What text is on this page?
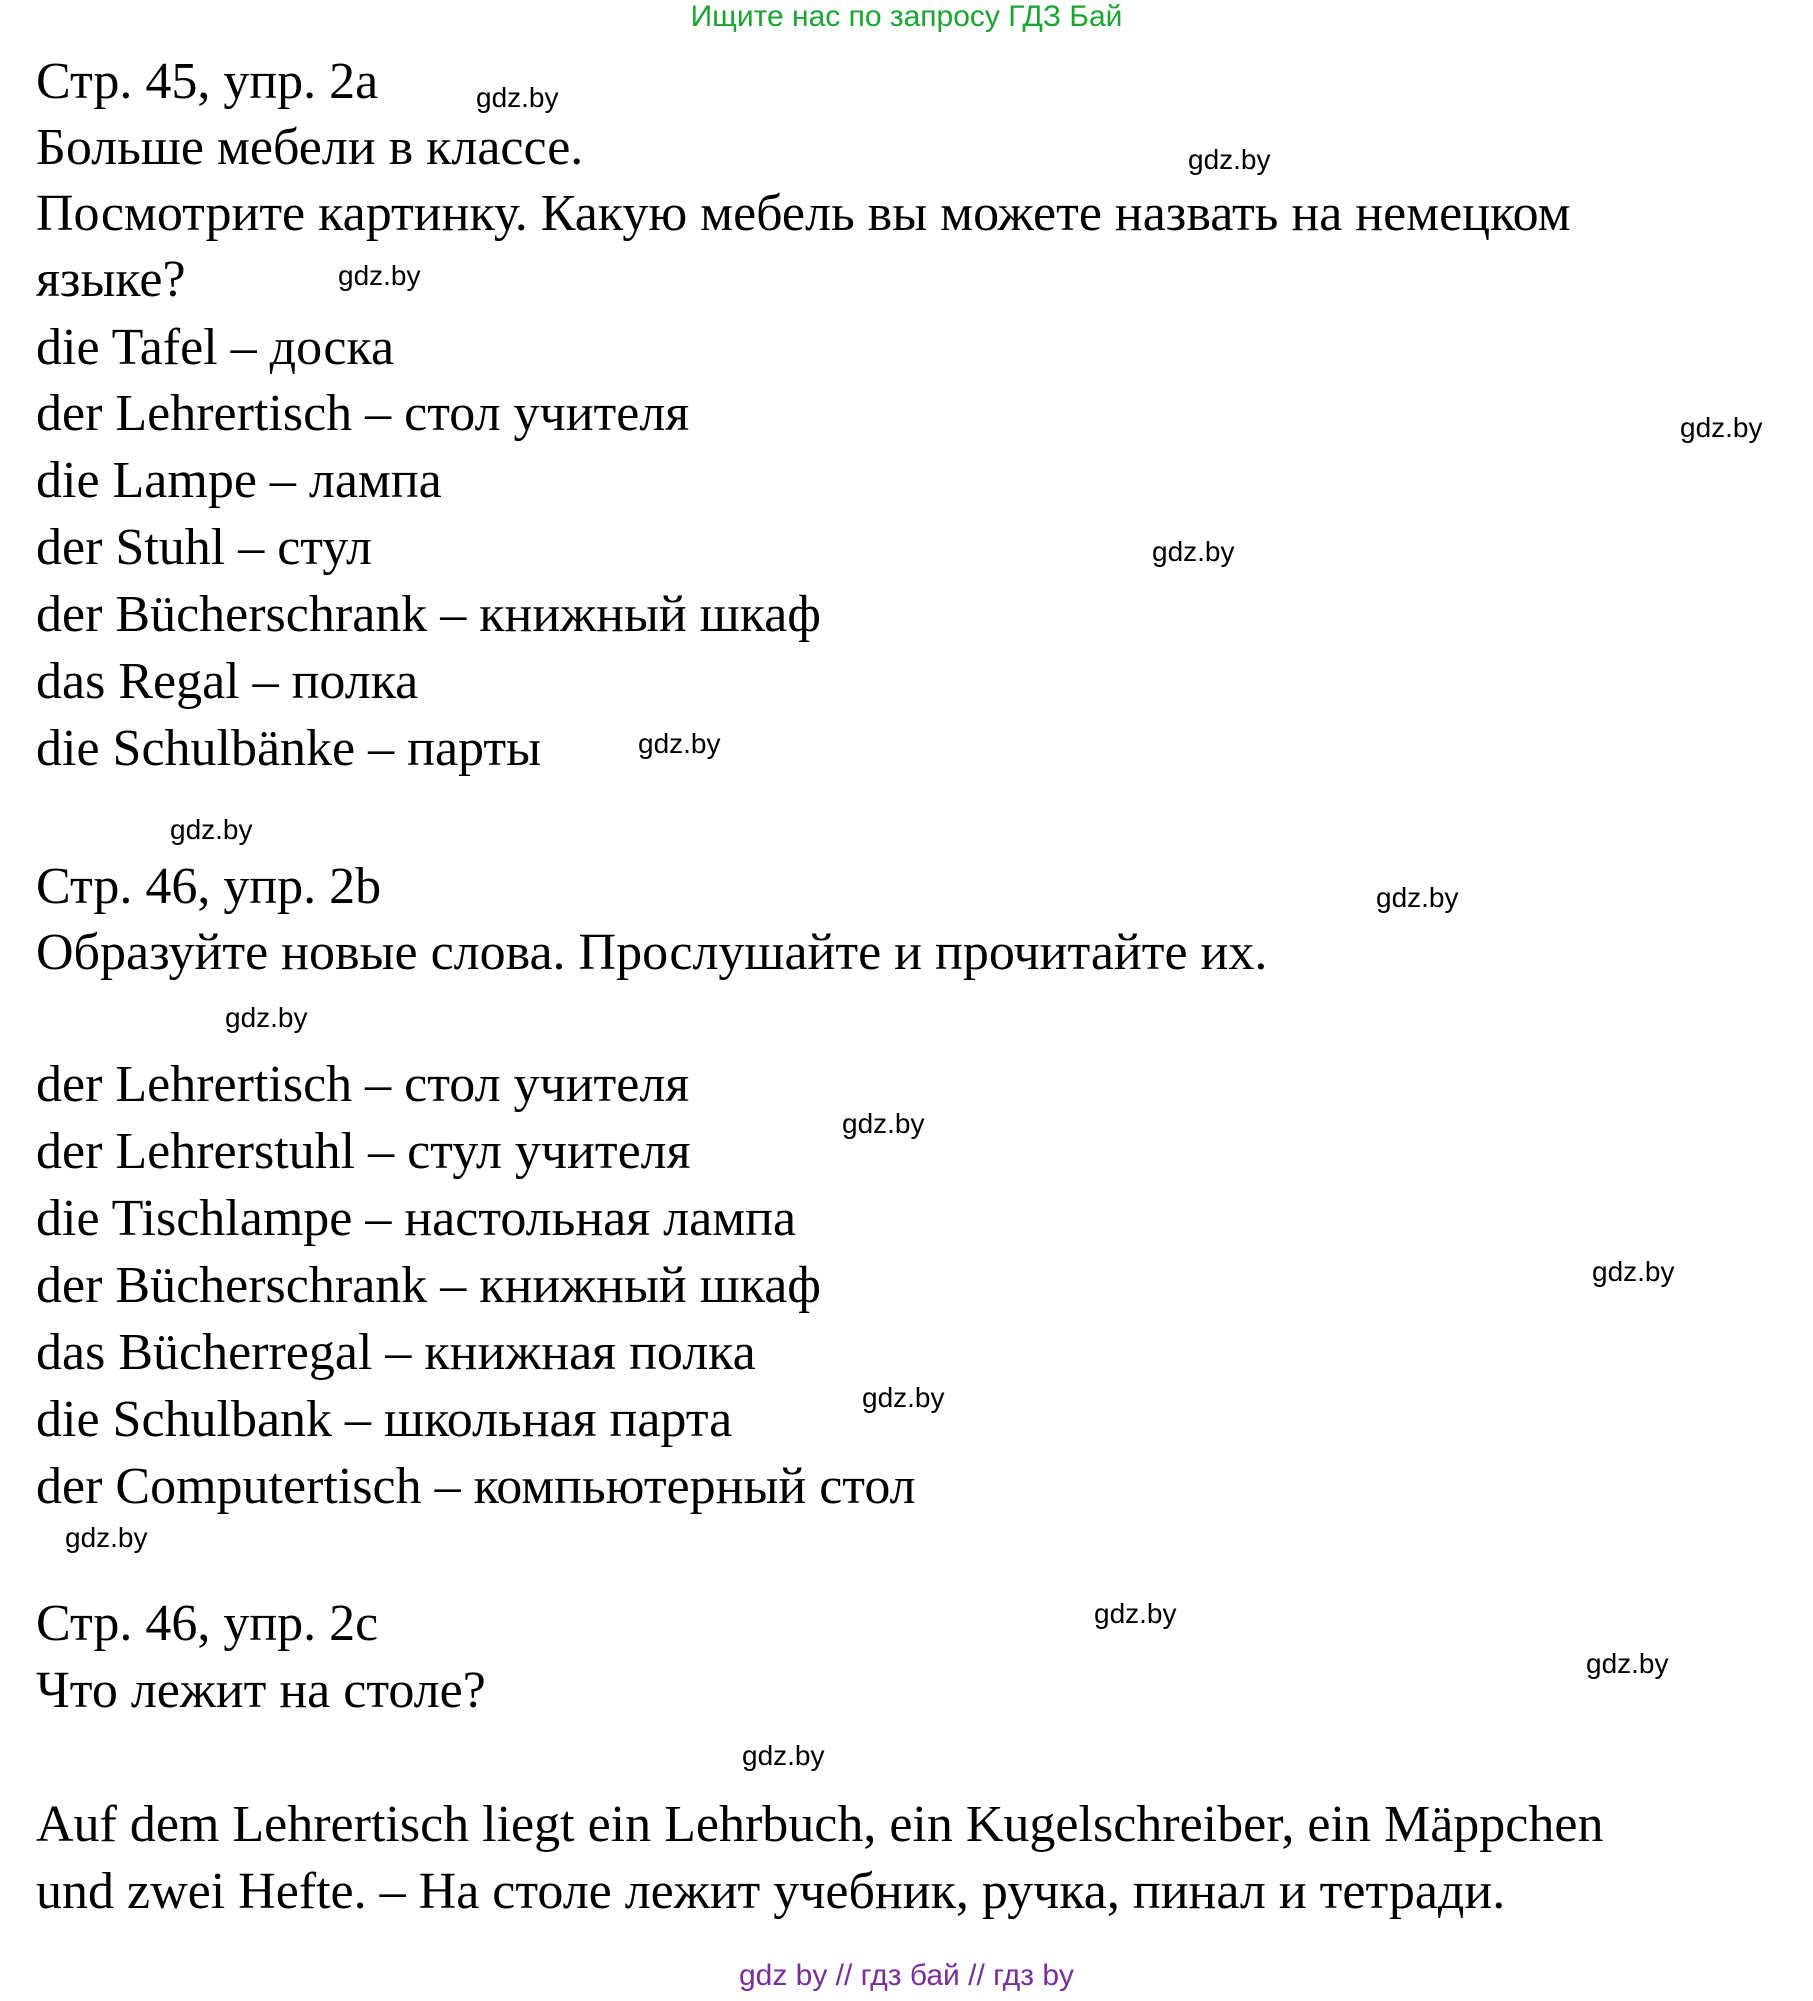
Ищите нас по запросу ГДЗ Бай
Стр. 45, упр. 2а
Больше мебели в классе.
Посмотрите картинку. Какую мебель вы можете назвать на немецком
языке?
die Tafel – доска
der Lehrertisch – стол учителя
die Lampe – лампа
der Stuhl – стул
der Bücherschrank – книжный шкаф
das Regal – полка
die Schulbänke – парты
Стр. 46, упр. 2b
Образуйте новые слова. Прослушайте и прочитайте их.
der Lehrertisch – стол учителя
der Lehrerstuhl – стул учителя
die Tischlampe – настольная лампа
der Bücherschrank – книжный шкаф
das Bücherregal – книжная полка
die Schulbank – школьная парта
der Computertisch – компьютерный стол
Стр. 46, упр. 2с
Что лежит на столе?
Auf dem Lehrertisch liegt ein Lehrbuch, ein Kugelschreiber, ein Mäppchen
und zwei Hefte. – На столе лежит учебник, ручка, пинал и тетради.
gdz.by
gdz.by
gdz.by
gdz.by
gdz.by
gdz.by
gdz.by
gdz.by
gdz.by
gdz.by
gdz.by
gdz.by
gdz.by
gdz.by
gdz.by
gdz.by
gdz by // гдз бай // гдз by
